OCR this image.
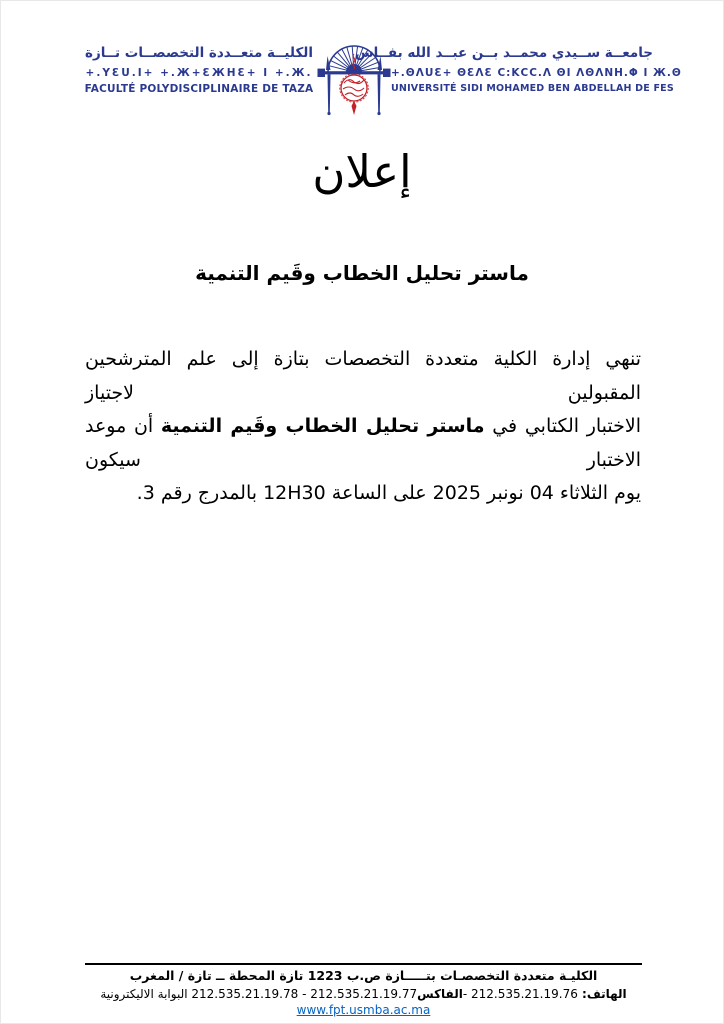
الكليــة متعــددة التخصصــات تــازة
+.ΥƐU.Ι+ +.Ж+ƐЖHƐ+ Ι +.Ж.
FACULTÉ POLYDISCIPLINAIRE DE TAZA
جامعــة ســيدي محمــد بــن عبــد الله بفــاس
+.ΘΛUƐ+ ΘƐΛƐ C:ΚCC.Λ ΘΙ ΛΘΛΝΗ.Φ Ι Ж.Θ
UNIVERSITÉ SIDI MOHAMED BEN ABDELLAH DE FES
إعلان
ماستر تحليل الخطاب وقَيم التنمية

تنهي إدارة الكلية متعددة التخصصات بتازة إلى علم المترشحين المقبولين لاجتياز

الاختبار الكتابي في ماستر تحليل الخطاب وقَيم التنمية أن موعد الاختبار سيكون

يوم الثلاثاء 04 نونبر 2025 على الساعة 12H30 بالمدرج رقم 3.

الكليـة متعددة التخصصـات بتـــــازة ص.ب 1223 تازة المحطة ــ تازة / المغرب
الهاتف: 212.535.21.19.76 -الفاكس212.535.21.19.77 - 212.535.21.19.78 البوابة الاليكترونية www.fpt.usmba.ac.ma
